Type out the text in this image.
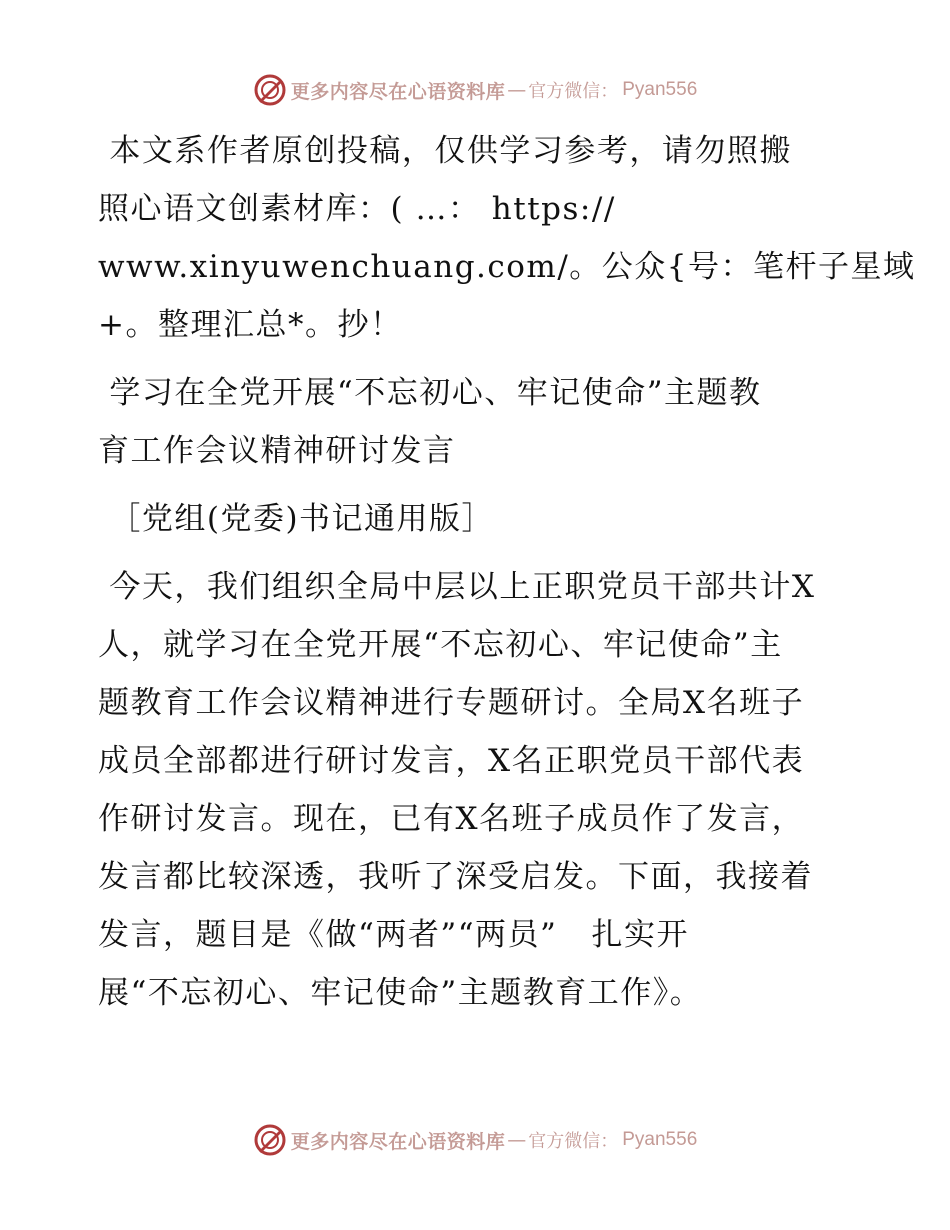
更多内容尽在心语资料库 — 官方微信： Pyan556
本文系作者原创投稿，仅供学习参考，请勿照搬
照心语文创素材库：( …： https://
www.xinyuwenchuang.com/。公众{号：笔杆子星域
+。整理汇总*。抄！
学习在全党开展“不忘初心、牢记使命”主题教
育工作会议精神研讨发言
［党组(党委)书记通用版］
今天，我们组织全局中层以上正职党员干部共计X
人，就学习在全党开展“不忘初心、牢记使命”主
题教育工作会议精神进行专题研讨。全局X名班子
成员全部都进行研讨发言，X名正职党员干部代表
作研讨发言。现在，已有X名班子成员作了发言，
发言都比较深透，我听了深受启发。下面，我接着
发言，题目是《做“两者”“两员”   扎实开
展“不忘初心、牢记使命”主题教育工作》。
更多内容尽在心语资料库 — 官方微信： Pyan556
